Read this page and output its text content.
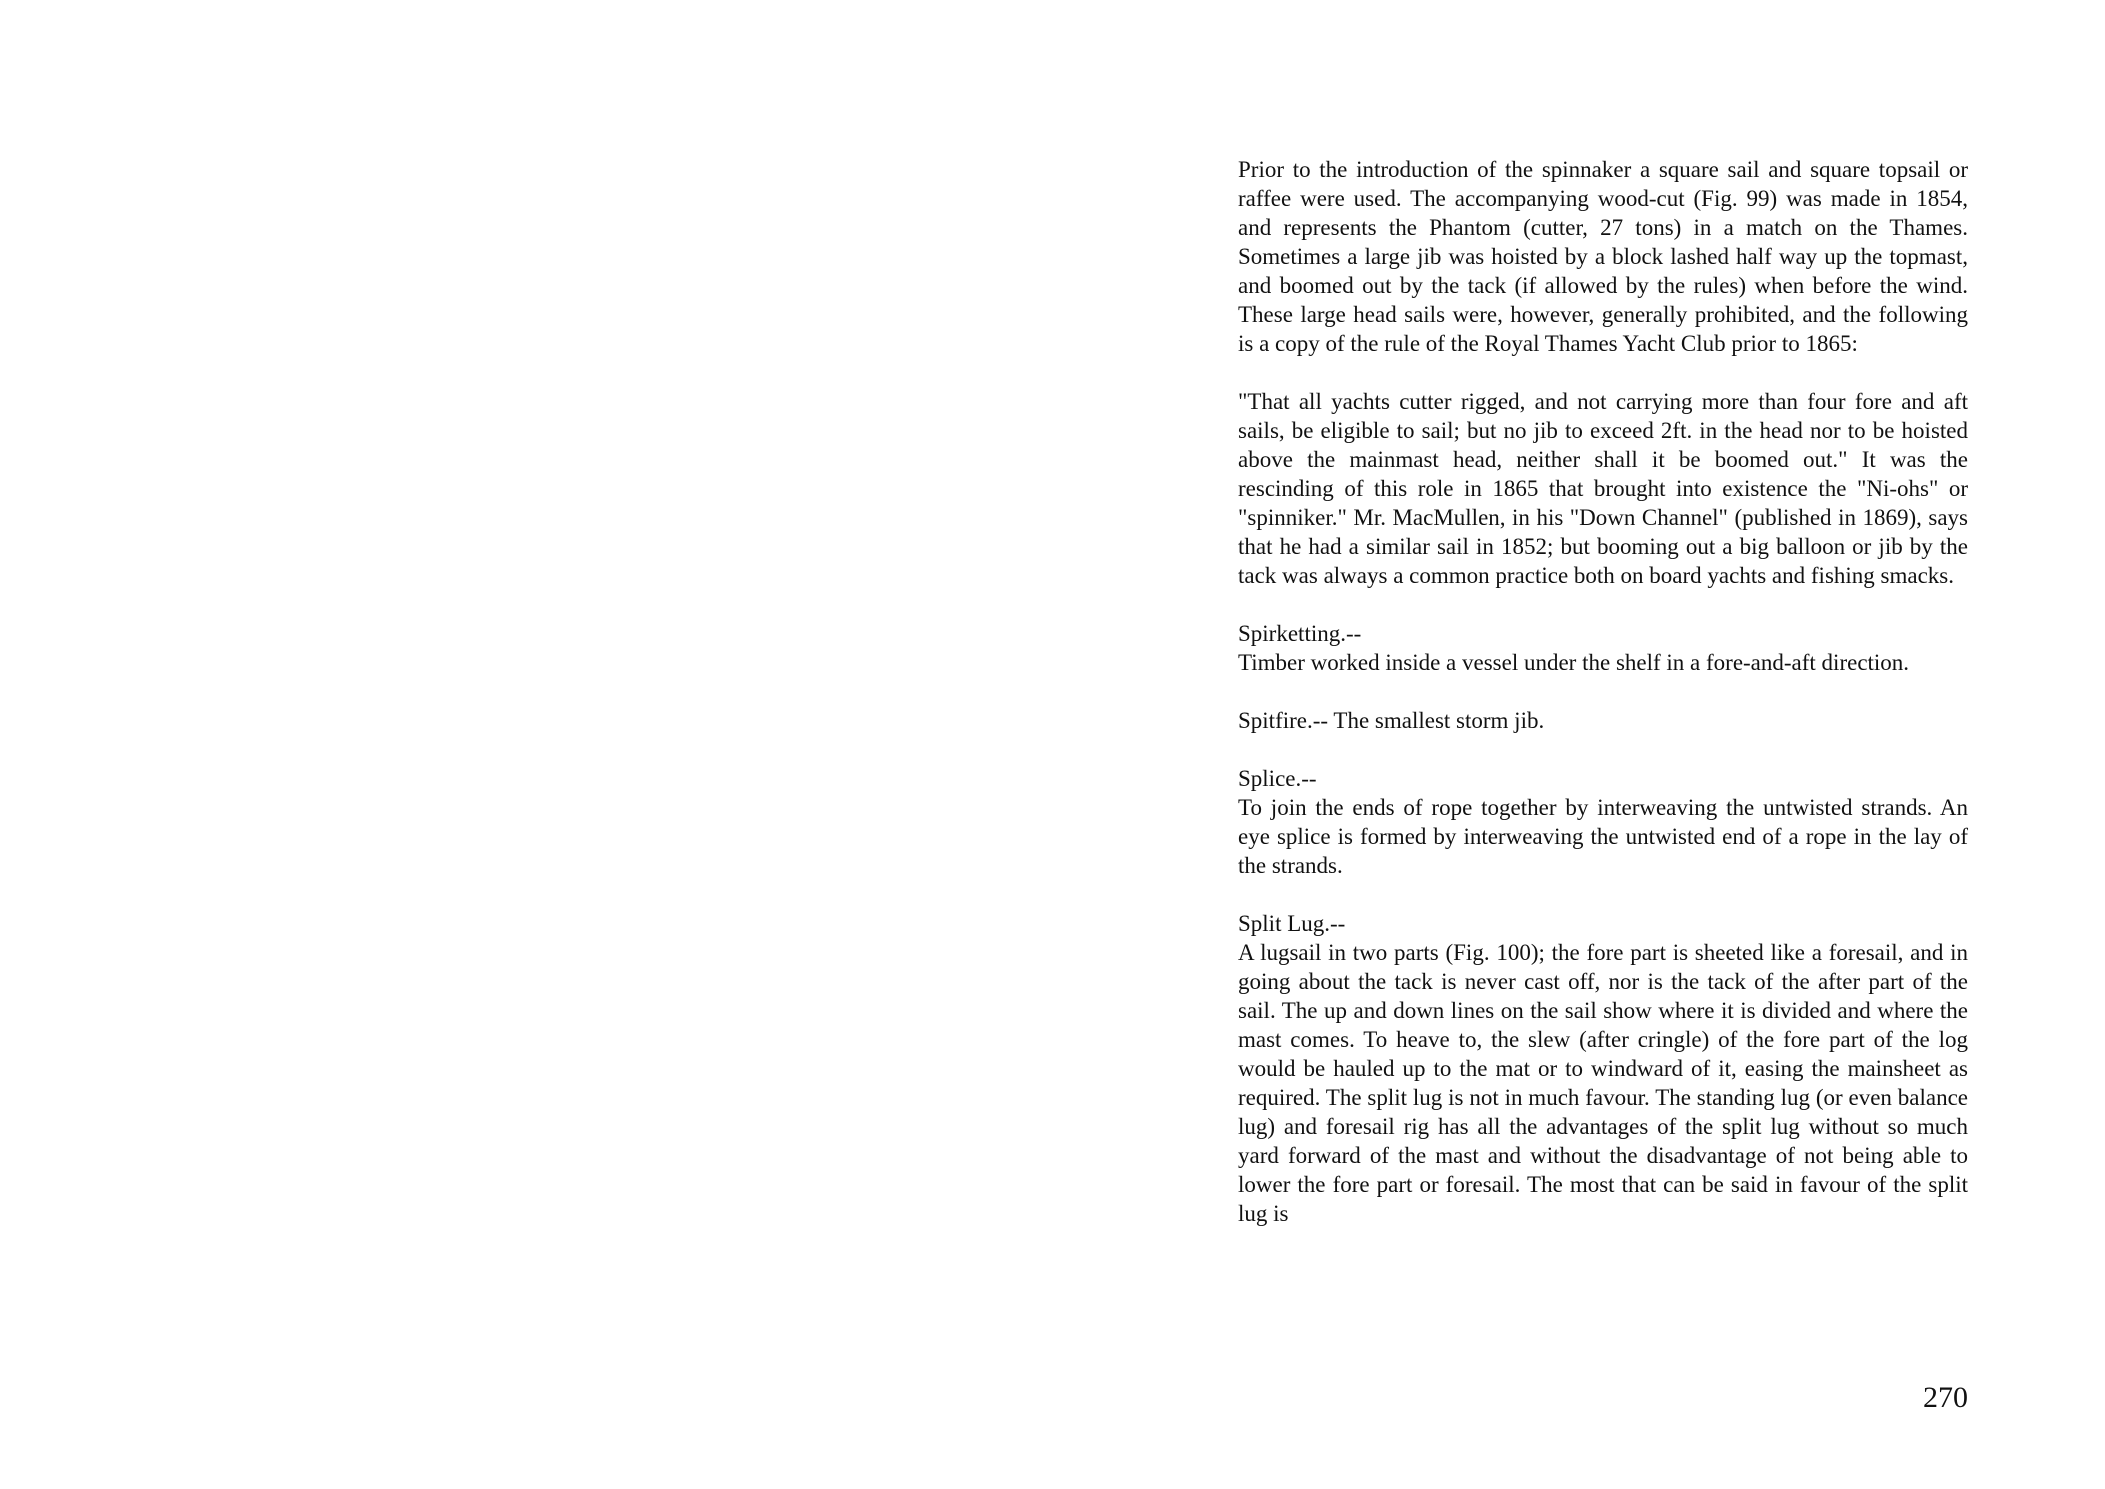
Prior to the introduction of the spinnaker a square sail and square topsail or raffee were used. The accompanying wood-cut (Fig. 99) was made in 1854, and represents the Phantom (cutter, 27 tons) in a match on the Thames. Sometimes a large jib was hoisted by a block lashed half way up the topmast, and boomed out by the tack (if allowed by the rules) when before the wind. These large head sails were, however, generally prohibited, and the following is a copy of the rule of the Royal Thames Yacht Club prior to 1865:

"That all yachts cutter rigged, and not carrying more than four fore and aft sails, be eligible to sail; but no jib to exceed 2ft. in the head nor to be hoisted above the mainmast head, neither shall it be boomed out." It was the rescinding of this role in 1865 that brought into existence the "Ni-ohs" or "spinniker." Mr. MacMullen, in his "Down Channel" (published in 1869), says that he had a similar sail in 1852; but booming out a big balloon or jib by the tack was always a common practice both on board yachts and fishing smacks.

Spirketting.--
Timber worked inside a vessel under the shelf in a fore-and-aft direction.
Spitfire.-- The smallest storm jib.
Splice.--
To join the ends of rope together by interweaving the untwisted strands. An eye splice is formed by interweaving the untwisted end of a rope in the lay of the strands.
Split Lug.--
A lugsail in two parts (Fig. 100); the fore part is sheeted like a foresail, and in going about the tack is never cast off, nor is the tack of the after part of the sail. The up and down lines on the sail show where it is divided and where the mast comes. To heave to, the slew (after cringle) of the fore part of the log would be hauled up to the mat or to windward of it, easing the mainsheet as required. The split lug is not in much favour. The standing lug (or even balance lug) and foresail rig has all the advantages of the split lug without so much yard forward of the mast and without the disadvantage of not being able to lower the fore part or foresail. The most that can be said in favour of the split lug is
270
